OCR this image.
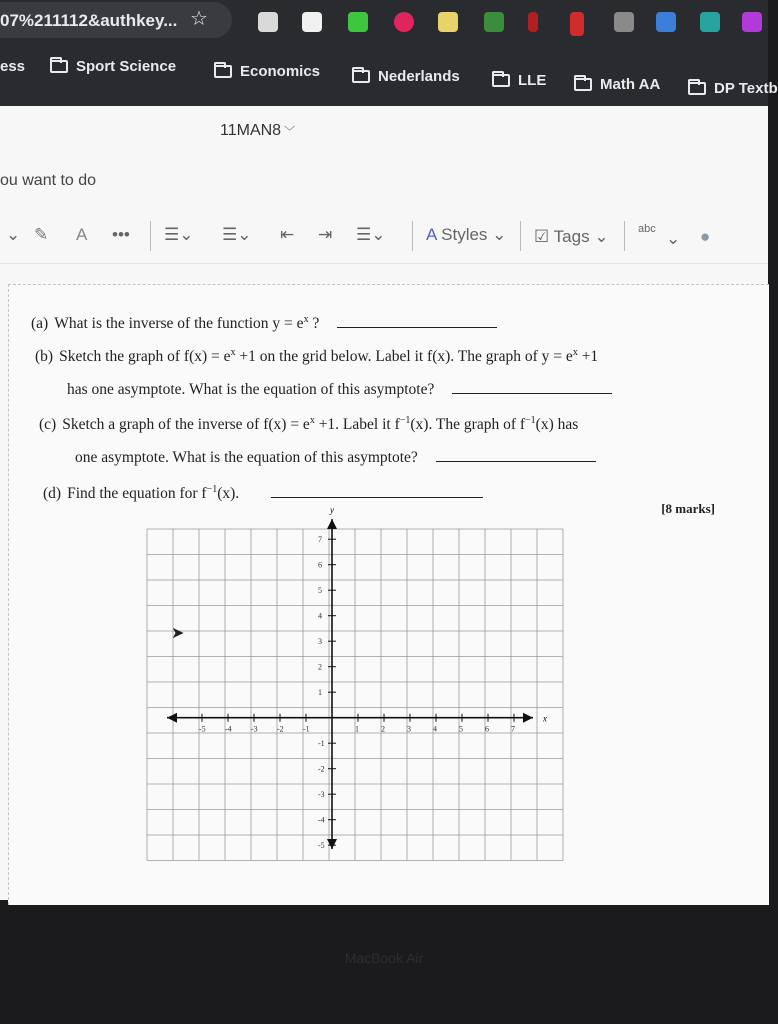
07%211112&authkey... ☆
ess	Sport Science	Economics	Nederlands	LLE	Math AA	DP Textb
11MAN8 ﹀
ou want to do
⌄ ✎ A ••• ☰⌄ ☰⌄ ⇤ ⇥ ☰⌄ A Styles ⌄ ☑ Tags ⌄	abc ⌄ ●
(a) What is the inverse of the function $y = e^x$ ?
(b) Sketch the graph of $f(x) = e^x +1$ on the grid below. Label it f(x). The graph of $y = e^x +1$
has one asymptote. What is the equation of this asymptote?
(c) Sketch a graph of the inverse of $f(x) = e^x +1$. Label it $f^{-1}(x)$. The graph of $f^{-1}(x)$ has
one asymptote. What is the equation of this asymptote?
(d) Find the equation for $f^{-1}(x)$.
[8 marks]
y
x
-5 -4 -3 -2 -1	1	2	3	4	5	6	7
7
6
5
4
3
2
1
-1
-2
-3
-4
-5
➤
MacBook Air
